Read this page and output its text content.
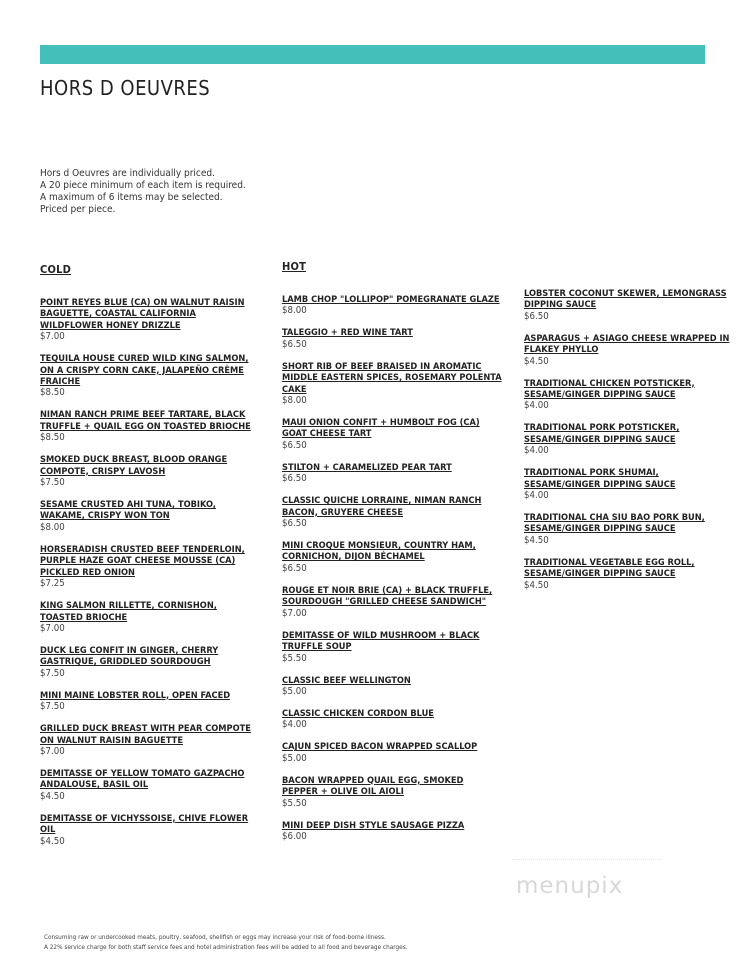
HORS D OEUVRES
Hors d Oeuvres are individually priced.
A 20 piece minimum of each item is required.
A maximum of 6 items may be selected.
Priced per piece.
COLD
POINT REYES BLUE (CA) ON WALNUT RAISIN BAGUETTE, COASTAL CALIFORNIA WILDFLOWER HONEY DRIZZLE
$7.00
TEQUILA HOUSE CURED WILD KING SALMON, ON A CRISPY CORN CAKE, JALAPEÑO CRÈME FRAICHE
$8.50
NIMAN RANCH PRIME BEEF TARTARE, BLACK TRUFFLE + QUAIL EGG ON TOASTED BRIOCHE
$8.50
SMOKED DUCK BREAST, BLOOD ORANGE COMPOTE, CRISPY LAVOSH
$7.50
SESAME CRUSTED AHI TUNA, TOBIKO, WAKAME, CRISPY WON TON
$8.00
HORSERADISH CRUSTED BEEF TENDERLOIN, PURPLE HAZE GOAT CHEESE MOUSSE (CA) PICKLED RED ONION
$7.25
KING SALMON RILLETTE, CORNISHON, TOASTED BRIOCHE
$7.00
DUCK LEG CONFIT IN GINGER, CHERRY GASTRIQUE, GRIDDLED SOURDOUGH
$7.50
MINI MAINE LOBSTER ROLL, OPEN FACED
$7.50
GRILLED DUCK BREAST WITH PEAR COMPOTE ON WALNUT RAISIN BAGUETTE
$7.00
DEMITASSE OF YELLOW TOMATO GAZPACHO ANDALOUSE, BASIL OIL
$4.50
DEMITASSE OF VICHYSSOISE, CHIVE FLOWER OIL
$4.50
HOT
LAMB CHOP "LOLLIPOP" POMEGRANATE GLAZE
$8.00
TALEGGIO + RED WINE TART
$6.50
SHORT RIB OF BEEF BRAISED IN AROMATIC MIDDLE EASTERN SPICES, ROSEMARY POLENTA CAKE
$8.00
MAUI ONION CONFIT + HUMBOLT FOG (CA) GOAT CHEESE TART
$6.50
STILTON + CARAMELIZED PEAR TART
$6.50
CLASSIC QUICHE LORRAINE, NIMAN RANCH BACON, GRUYERE CHEESE
$6.50
MINI CROQUE MONSIEUR, COUNTRY HAM, CORNICHON, DIJON BÉCHAMEL
$6.50
ROUGE ET NOIR BRIE (CA) + BLACK TRUFFLE, SOURDOUGH "GRILLED CHEESE SANDWICH"
$7.00
DEMITASSE OF WILD MUSHROOM + BLACK TRUFFLE SOUP
$5.50
CLASSIC BEEF WELLINGTON
$5.00
CLASSIC CHICKEN CORDON BLUE
$4.00
CAJUN SPICED BACON WRAPPED SCALLOP
$5.00
BACON WRAPPED QUAIL EGG, SMOKED PEPPER + OLIVE OIL AIOLI
$5.50
MINI DEEP DISH STYLE SAUSAGE PIZZA
$6.00
LOBSTER COCONUT SKEWER, LEMONGRASS DIPPING SAUCE
$6.50
ASPARAGUS + ASIAGO CHEESE WRAPPED IN FLAKEY PHYLLO
$4.50
TRADITIONAL CHICKEN POTSTICKER, SESAME/GINGER DIPPING SAUCE
$4.00
TRADITIONAL PORK POTSTICKER, SESAME/GINGER DIPPING SAUCE
$4.00
TRADITIONAL PORK SHUMAI, SESAME/GINGER DIPPING SAUCE
$4.00
TRADITIONAL CHA SIU BAO PORK BUN, SESAME/GINGER DIPPING SAUCE
$4.50
TRADITIONAL VEGETABLE EGG ROLL, SESAME/GINGER DIPPING SAUCE
$4.50
menupix
Consuming raw or undercooked meats, poultry, seafood, shellfish or eggs may increase your risk of food-borne illness.
A 22% service charge for both staff service fees and hotel administration fees will be added to all food and beverage charges.
